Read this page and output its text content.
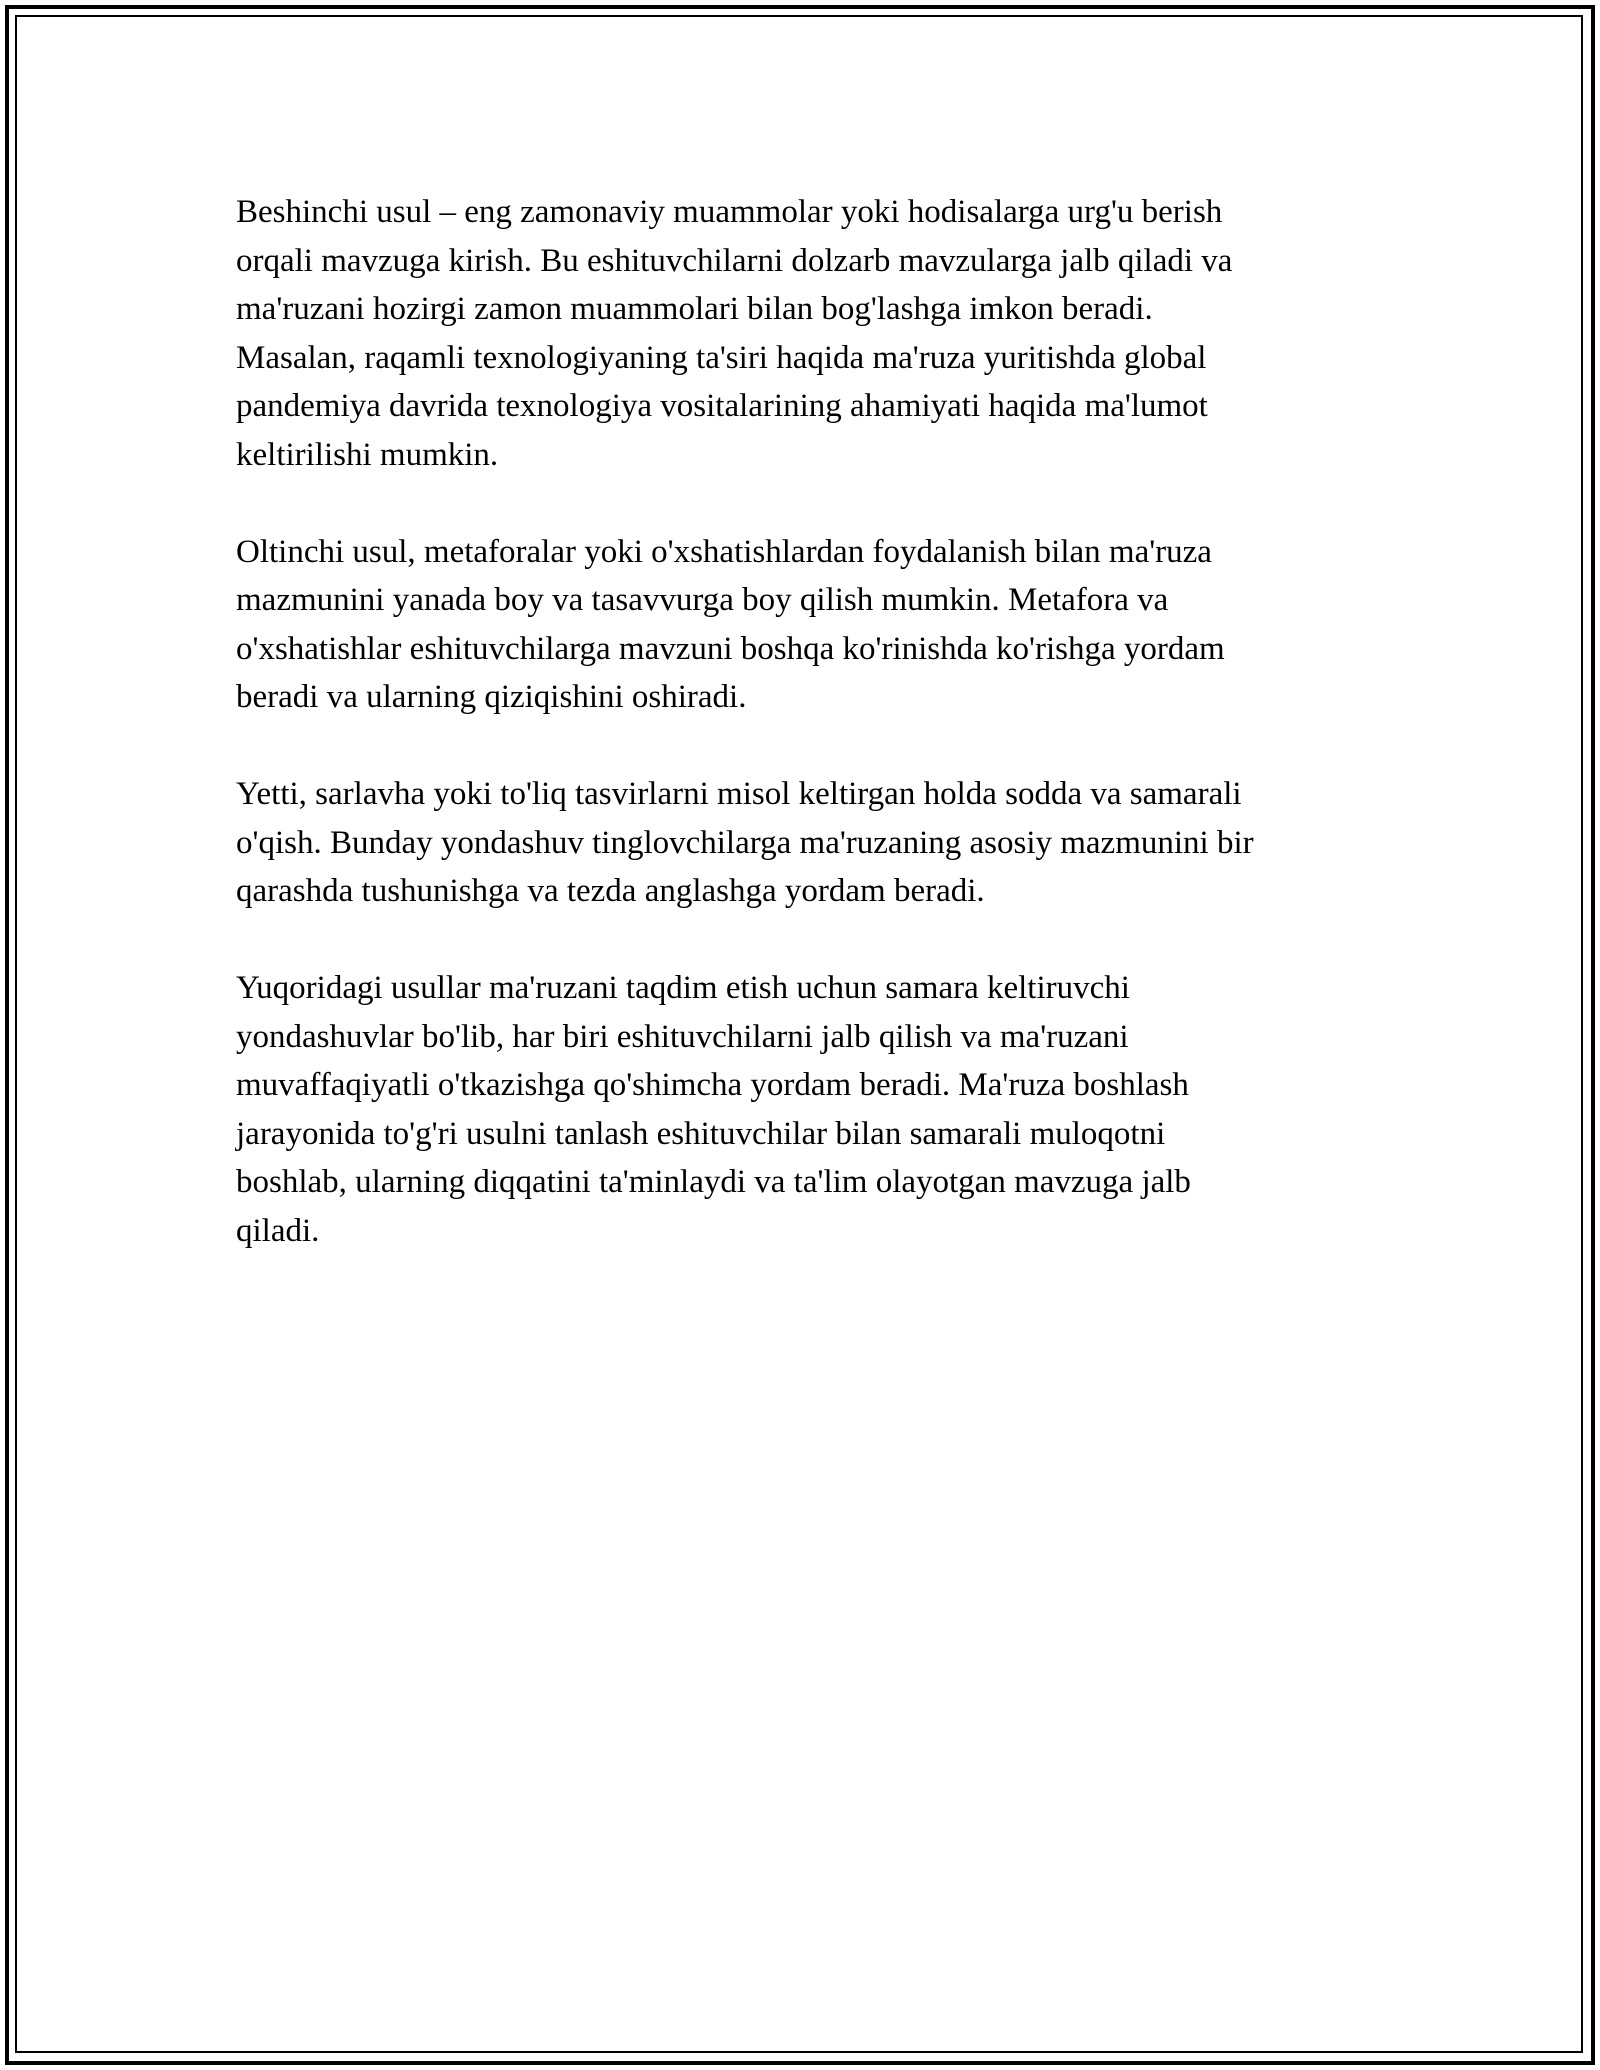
Beshinchi usul – eng zamonaviy muammolar yoki hodisalarga urg'u berish
orqali mavzuga kirish. Bu eshituvchilarni dolzarb mavzularga jalb qiladi va
ma'ruzani hozirgi zamon muammolari bilan bog'lashga imkon beradi.
Masalan, raqamli texnologiyaning ta'siri haqida ma'ruza yuritishda global
pandemiya davrida texnologiya vositalarining ahamiyati haqida ma'lumot
keltirilishi mumkin.

Oltinchi usul, metaforalar yoki o'xshatishlardan foydalanish bilan ma'ruza
mazmunini yanada boy va tasavvurga boy qilish mumkin. Metafora va
o'xshatishlar eshituvchilarga mavzuni boshqa ko'rinishda ko'rishga yordam
beradi va ularning qiziqishini oshiradi.

Yetti, sarlavha yoki to'liq tasvirlarni misol keltirgan holda sodda va samarali
o'qish. Bunday yondashuv tinglovchilarga ma'ruzaning asosiy mazmunini bir
qarashda tushunishga va tezda anglashga yordam beradi.

Yuqoridagi usullar ma'ruzani taqdim etish uchun samara keltiruvchi
yondashuvlar bo'lib, har biri eshituvchilarni jalb qilish va ma'ruzani
muvaffaqiyatli o'tkazishga qo'shimcha yordam beradi. Ma'ruza boshlash
jarayonida to'g'ri usulni tanlash eshituvchilar bilan samarali muloqotni
boshlab, ularning diqqatini ta'minlaydi va ta'lim olayotgan mavzuga jalb
qiladi.
